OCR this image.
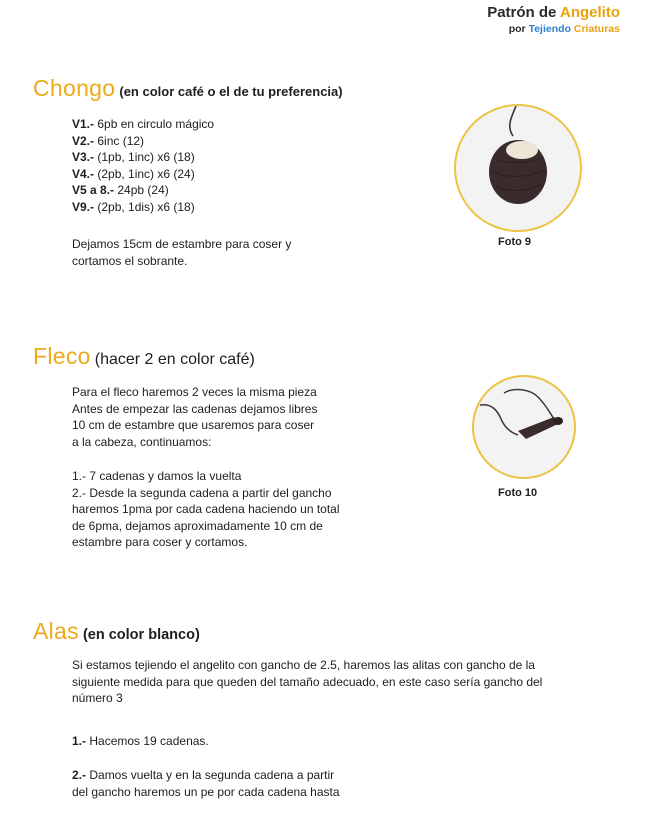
Patrón de Angelito
por Tejiendo Criaturas
Chongo (en color café o el de tu preferencia)
V1.- 6pb en circulo mágico
V2.- 6inc (12)
V3.- (1pb, 1inc) x6 (18)
V4.- (2pb, 1inc) x6 (24)
V5 a 8.- 24pb (24)
V9.- (2pb, 1dis) x6 (18)
Dejamos 15cm de estambre para coser y
cortamos el sobrante.
Foto 9
Fleco (hacer 2 en color café)
Para el fleco haremos 2 veces la misma pieza
Antes de empezar las cadenas dejamos libres
10 cm de estambre que usaremos para coser
a la cabeza, continuamos:
1.- 7 cadenas y damos la vuelta
2.- Desde la segunda cadena a partir del gancho
haremos 1pma por cada cadena haciendo un total
de 6pma, dejamos aproximadamente 10 cm de
estambre para coser y cortamos.
Foto 10
Alas (en color blanco)
Si estamos tejiendo el angelito con gancho de 2.5, haremos las alitas con gancho de la
siguiente medida para que queden del tamaño adecuado, en este caso sería gancho del
número 3
1.- Hacemos 19 cadenas.
2.- Damos vuelta y en la segunda cadena a partir
del gancho haremos un pe por cada cadena hasta
